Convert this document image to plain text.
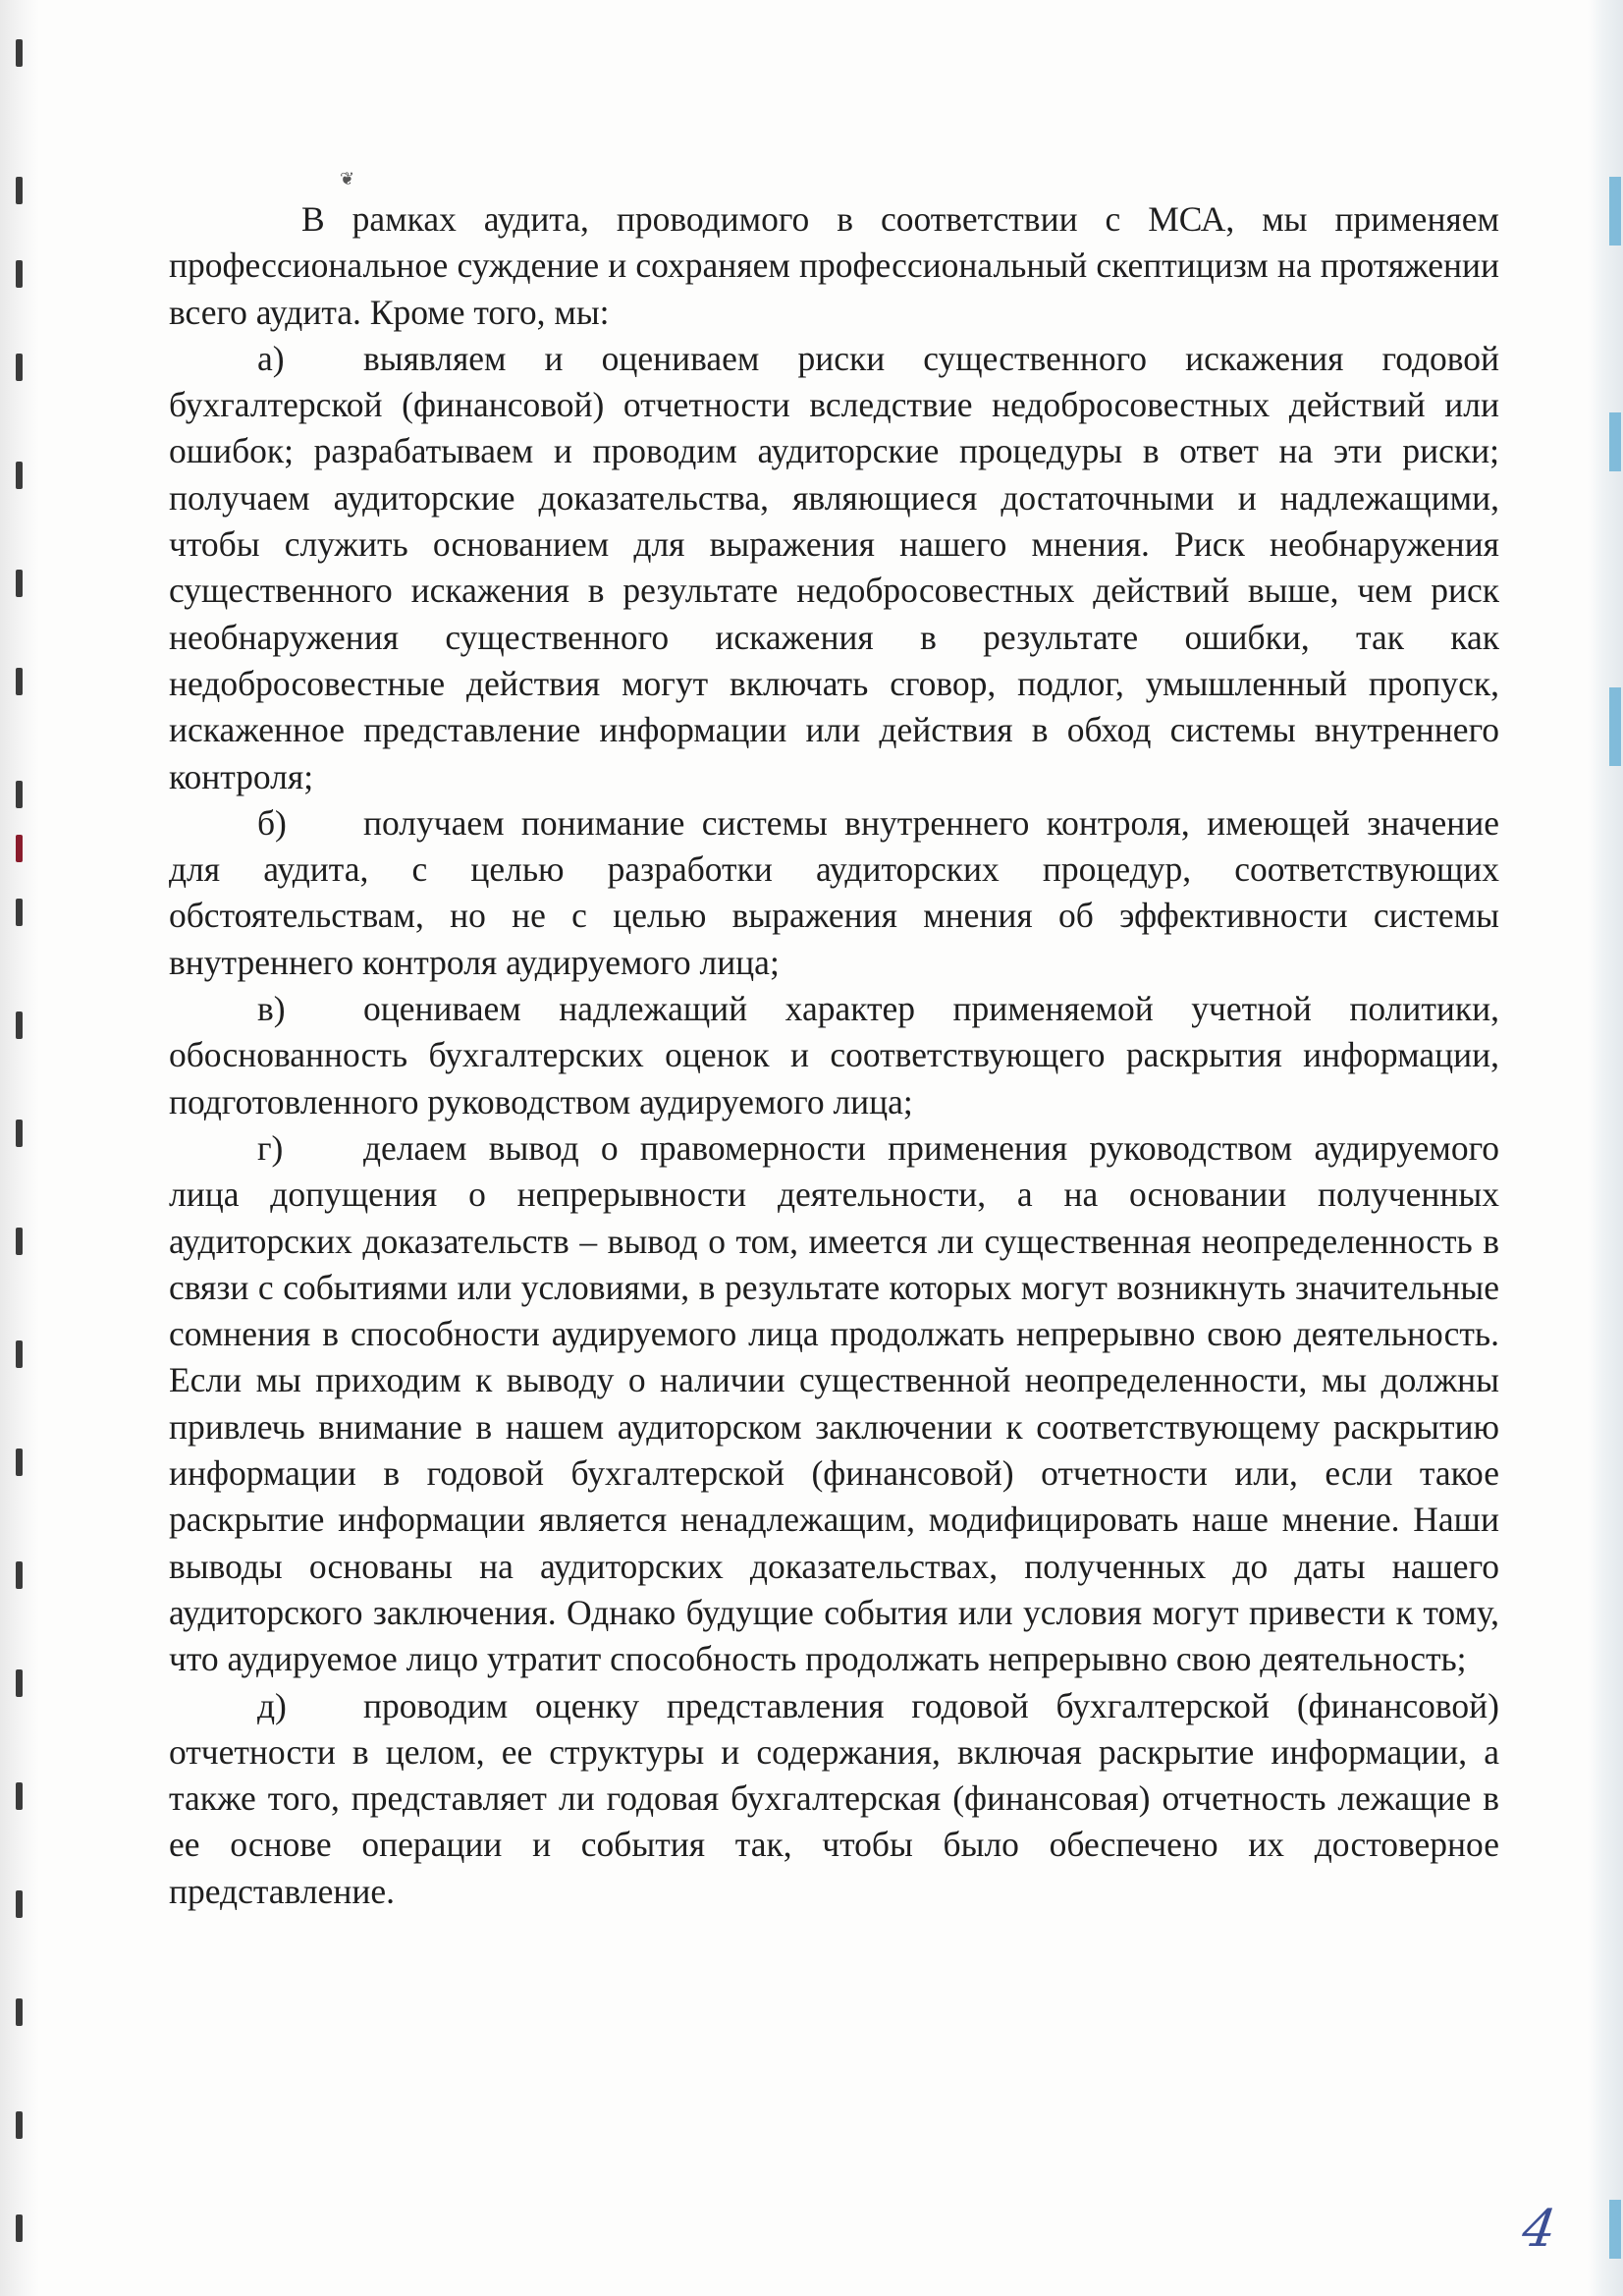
❦

В рамках аудита, проводимого в соответствии с МСА, мы применяем профессиональное суждение и сохраняем профессиональный скептицизм на протяжении всего аудита. Кроме того, мы:

а) выявляем и оцениваем риски существенного искажения годовой бухгалтерской (финансовой) отчетности вследствие недобросовестных действий или ошибок; разрабатываем и проводим аудиторские процедуры в ответ на эти риски; получаем аудиторские доказательства, являющиеся достаточными и надлежащими, чтобы служить основанием для выражения нашего мнения. Риск необнаружения существенного искажения в результате недобросовестных действий выше, чем риск необнаружения существенного искажения в результате ошибки, так как недобросовестные действия могут включать сговор, подлог, умышленный пропуск, искаженное представление информации или действия в обход системы внутреннего контроля;

б) получаем понимание системы внутреннего контроля, имеющей значение для аудита, с целью разработки аудиторских процедур, соответствующих обстоятельствам, но не с целью выражения мнения об эффективности системы внутреннего контроля аудируемого лица;

в) оцениваем надлежащий характер применяемой учетной политики, обоснованность бухгалтерских оценок и соответствующего раскрытия информации, подготовленного руководством аудируемого лица;

г) делаем вывод о правомерности применения руководством аудируемого лица допущения о непрерывности деятельности, а на основании полученных аудиторских доказательств – вывод о том, имеется ли существенная неопределенность в связи с событиями или условиями, в результате которых могут возникнуть значительные сомнения в способности аудируемого лица продолжать непрерывно свою деятельность. Если мы приходим к выводу о наличии существенной неопределенности, мы должны привлечь внимание в нашем аудиторском заключении к соответствующему раскрытию информации в годовой бухгалтерской (финансовой) отчетности или, если такое раскрытие информации является ненадлежащим, модифицировать наше мнение. Наши выводы основаны на аудиторских доказательствах, полученных до даты нашего аудиторского заключения. Однако будущие события или условия могут привести к тому, что аудируемое лицо утратит способность продолжать непрерывно свою деятельность;

д) проводим оценку представления годовой бухгалтерской (финансовой) отчетности в целом, ее структуры и содержания, включая раскрытие информации, а также того, представляет ли годовая бухгалтерская (финансовая) отчетность лежащие в ее основе операции и события так, чтобы было обеспечено их достоверное представление.

4
